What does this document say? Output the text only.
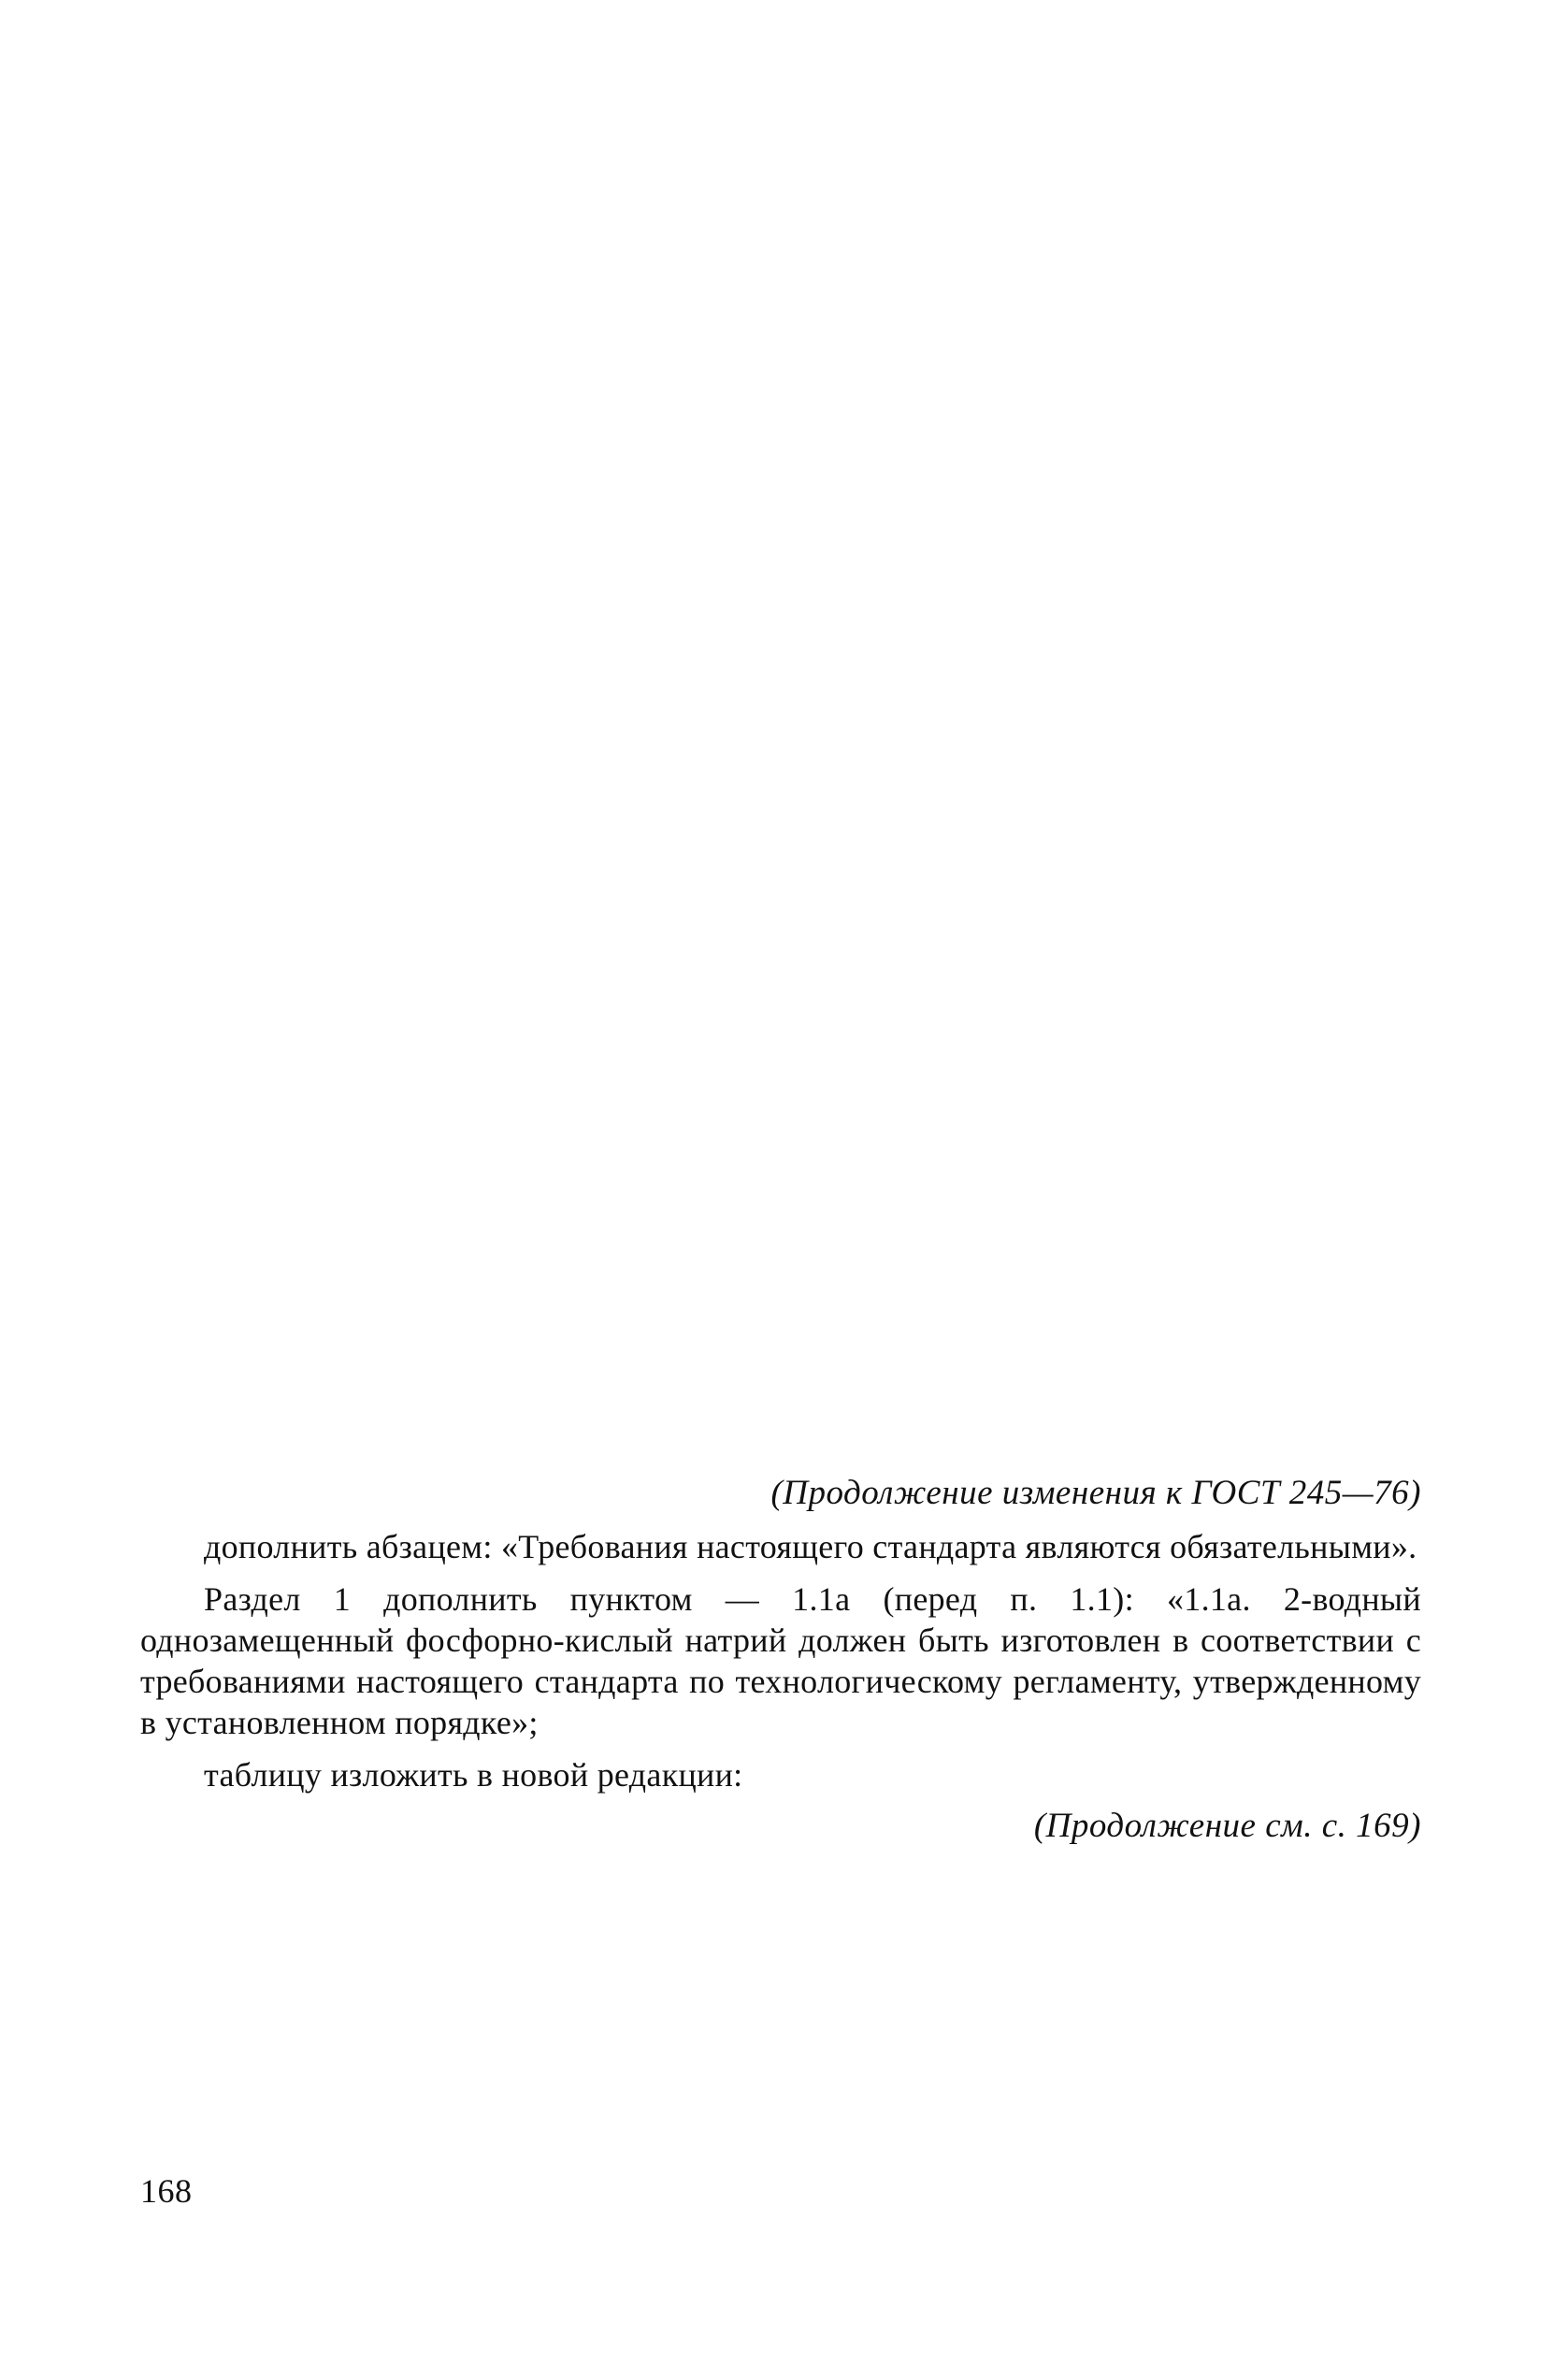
(Продолжение изменения к ГОСТ 245—76)

дополнить абзацем: «Требования настоящего стандарта являются обязательными».

Раздел 1 дополнить пунктом — 1.1а (перед п. 1.1): «1.1а. 2-водный однозамещенный фосфорно-кислый натрий должен быть изготовлен в соответствии с требованиями настоящего стандарта по технологическому регламенту, утвержденному в установленном порядке»;

таблицу изложить в новой редакции:

(Продолжение см. с. 169)
168
